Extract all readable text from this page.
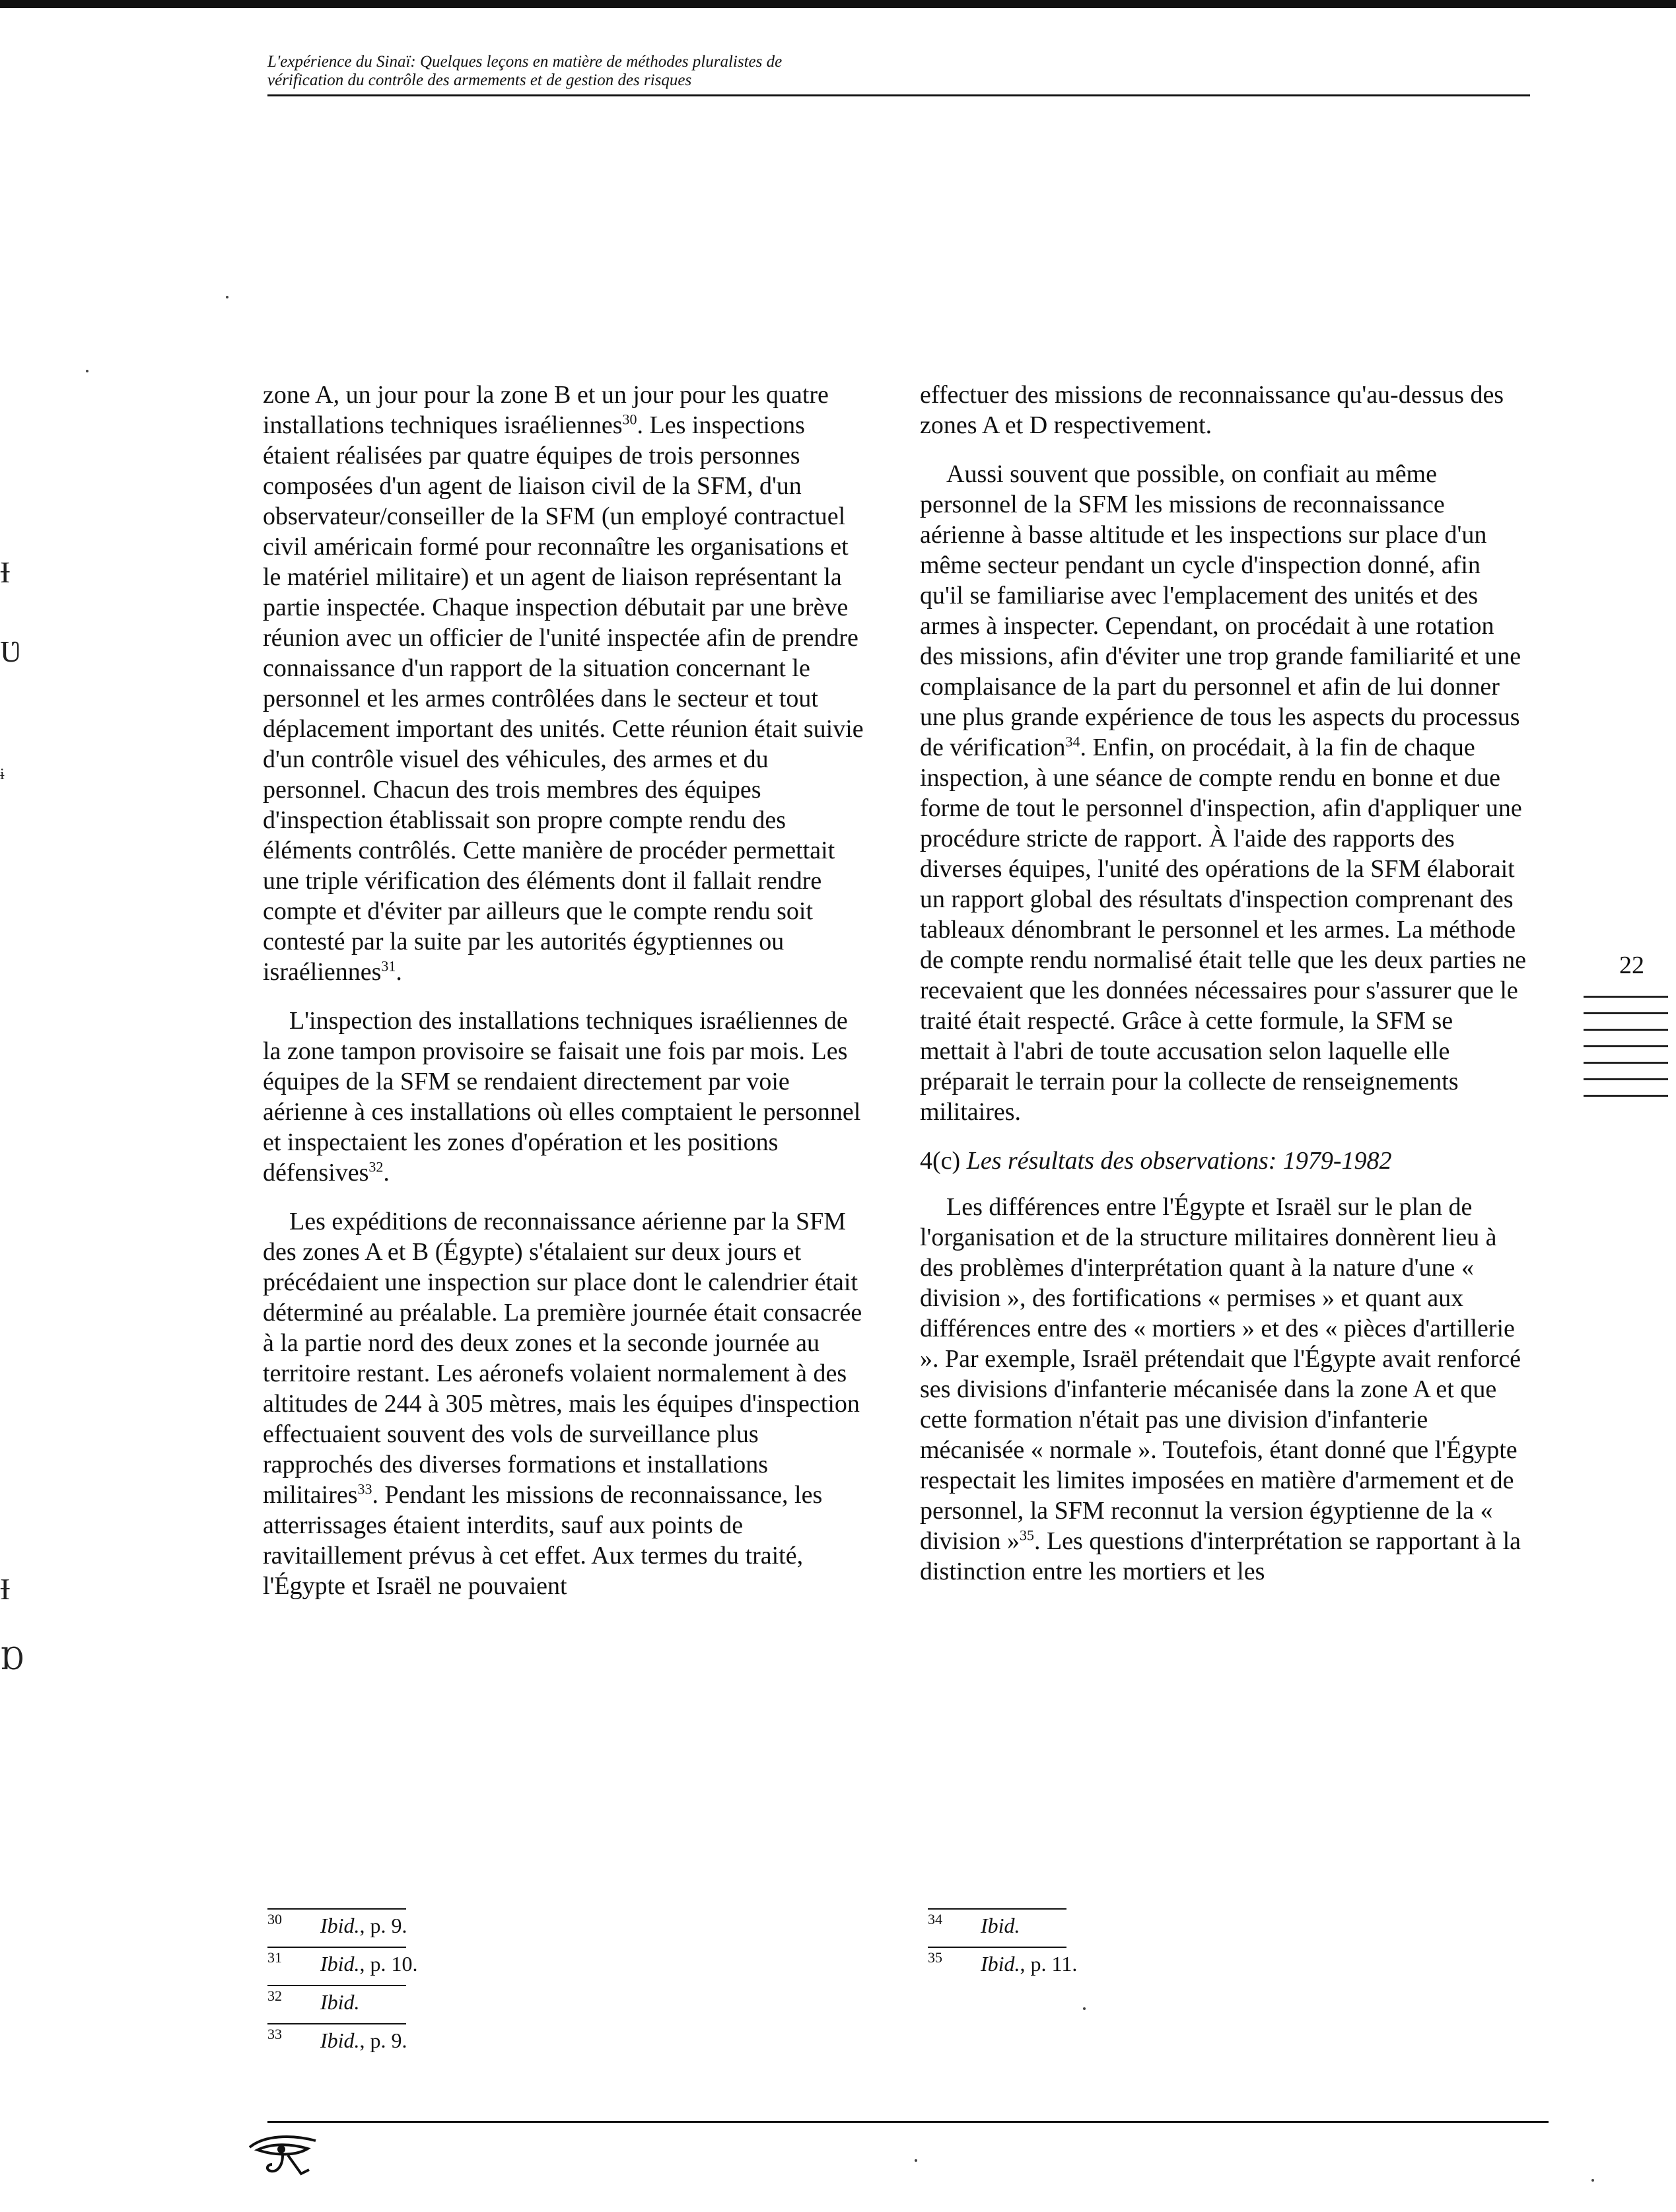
L'expérience du Sinaï: Quelques leçons en matière de méthodes pluralistes de
vérification du contrôle des armements et de gestion des risques

zone A, un jour pour la zone B et un jour pour les quatre installations techniques israéliennes$^{30}$. Les inspections étaient réalisées par quatre équipes de trois personnes composées d'un agent de liaison civil de la SFM, d'un observateur/conseiller de la SFM (un employé contractuel civil américain formé pour reconnaître les organisations et le matériel militaire) et un agent de liaison représentant la partie inspectée. Chaque inspection débutait par une brève réunion avec un officier de l'unité inspectée afin de prendre connaissance d'un rapport de la situation concernant le personnel et les armes contrôlées dans le secteur et tout déplacement important des unités. Cette réunion était suivie d'un contrôle visuel des véhicules, des armes et du personnel. Chacun des trois membres des équipes d'inspection établissait son propre compte rendu des éléments contrôlés. Cette manière de procéder permettait une triple vérification des éléments dont il fallait rendre compte et d'éviter par ailleurs que le compte rendu soit contesté par la suite par les autorités égyptiennes ou israéliennes$^{31}$.

L'inspection des installations techniques israéliennes de la zone tampon provisoire se faisait une fois par mois. Les équipes de la SFM se rendaient directement par voie aérienne à ces installations où elles comptaient le personnel et inspectaient les zones d'opération et les positions défensives$^{32}$.

Les expéditions de reconnaissance aérienne par la SFM des zones A et B (Égypte) s'étalaient sur deux jours et précédaient une inspection sur place dont le calendrier était déterminé au préalable. La première journée était consacrée à la partie nord des deux zones et la seconde journée au territoire restant. Les aéronefs volaient normalement à des altitudes de 244 à 305 mètres, mais les équipes d'inspection effectuaient souvent des vols de surveillance plus rapprochés des diverses formations et installations militaires$^{33}$. Pendant les missions de reconnaissance, les atterrissages étaient interdits, sauf aux points de ravitaillement prévus à cet effet. Aux termes du traité, l'Égypte et Israël ne pouvaient

effectuer des missions de reconnaissance qu'au-dessus des zones A et D respectivement.

Aussi souvent que possible, on confiait au même personnel de la SFM les missions de reconnaissance aérienne à basse altitude et les inspections sur place d'un même secteur pendant un cycle d'inspection donné, afin qu'il se familiarise avec l'emplacement des unités et des armes à inspecter. Cependant, on procédait à une rotation des missions, afin d'éviter une trop grande familiarité et une complaisance de la part du personnel et afin de lui donner une plus grande expérience de tous les aspects du processus de vérification$^{34}$. Enfin, on procédait, à la fin de chaque inspection, à une séance de compte rendu en bonne et due forme de tout le personnel d'inspection, afin d'appliquer une procédure stricte de rapport. À l'aide des rapports des diverses équipes, l'unité des opérations de la SFM élaborait un rapport global des résultats d'inspection comprenant des tableaux dénombrant le personnel et les armes. La méthode de compte rendu normalisé était telle que les deux parties ne recevaient que les données nécessaires pour s'assurer que le traité était respecté. Grâce à cette formule, la SFM se mettait à l'abri de toute accusation selon laquelle elle préparait le terrain pour la collecte de renseignements militaires.

4(c) Les résultats des observations: 1979-1982

Les différences entre l'Égypte et Israël sur le plan de l'organisation et de la structure militaires donnèrent lieu à des problèmes d'interprétation quant à la nature d'une « division », des fortifications « permises » et quant aux différences entre des « mortiers » et des « pièces d'artillerie ». Par exemple, Israël prétendait que l'Égypte avait renforcé ses divisions d'infanterie mécanisée dans la zone A et que cette formation n'était pas une division d'infanterie mécanisée « normale ». Toutefois, étant donné que l'Égypte respectait les limites imposées en matière d'armement et de personnel, la SFM reconnut la version égyptienne de la « division »$^{35}$. Les questions d'interprétation se rapportant à la distinction entre les mortiers et les

30 Ibid., p. 9.
31 Ibid., p. 10.
32 Ibid.
33 Ibid., p. 9.
34 Ibid.
35 Ibid., p. 11.
22
Ɨ
Ʋ
ɨ
Ɨ
Ɒ
